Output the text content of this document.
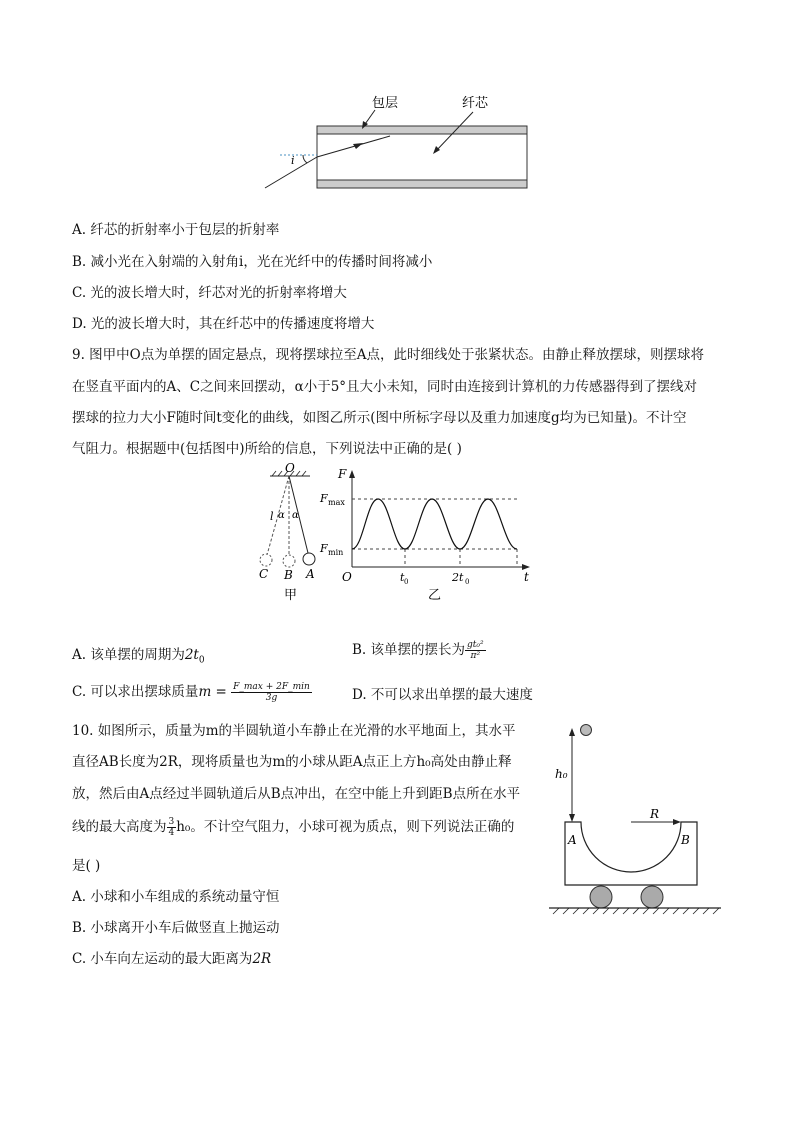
i
包层	纤芯
A. 纤芯的折射率小于包层的折射率
B. 减小光在入射端的入射角i，光在光纤中的传播时间将减小
C. 光的波长增大时，纤芯对光的折射率将增大
D. 光的波长增大时，其在纤芯中的传播速度将增大
9. 图甲中O点为单摆的固定悬点，现将摆球拉至A点，此时细线处于张紧状态。由静止释放摆球，则摆球将
在竖直平面内的A、C之间来回摆动，α小于5°且大小未知，同时由连接到计算机的力传感器得到了摆线对
摆球的拉力大小F随时间t变化的曲线，如图乙所示(图中所标字母以及重力加速度g均为已知量)。不计空
气阻力。根据题中(包括图中)所给的信息，下列说法中正确的是( )
O
l α α
C B A
甲
F
F max
F min
O	t 0	2t 0	t
乙
A. 该单摆的周期为$2t_0$
B. 该单摆的摆长为 $\frac{\text{gt₀²}}{\text{π²}}$
C. 可以求出摆球质量$m = \frac{F\_\max + 2F\_\min}{3g}$	D. 不可以求出单摆的最大速度
10. 如图所示，质量为m的半圆轨道小车静止在光滑的水平地面上，其水平
直径AB长度为2R，现将质量也为m的小球从距A点正上方h₀高处由静止释
放，然后由A点经过半圆轨道后从B点冲出，在空中能上升到距B点所在水平
线的最大高度为 $\frac{3}{4} h_0$。不计空气阻力，小球可视为质点，则下列说法正确的
是( )
A. 小球和小车组成的系统动量守恒
B. 小球离开小车后做竖直上抛运动
C. 小车向左运动的最大距离为2R
h₀
R
A	B
